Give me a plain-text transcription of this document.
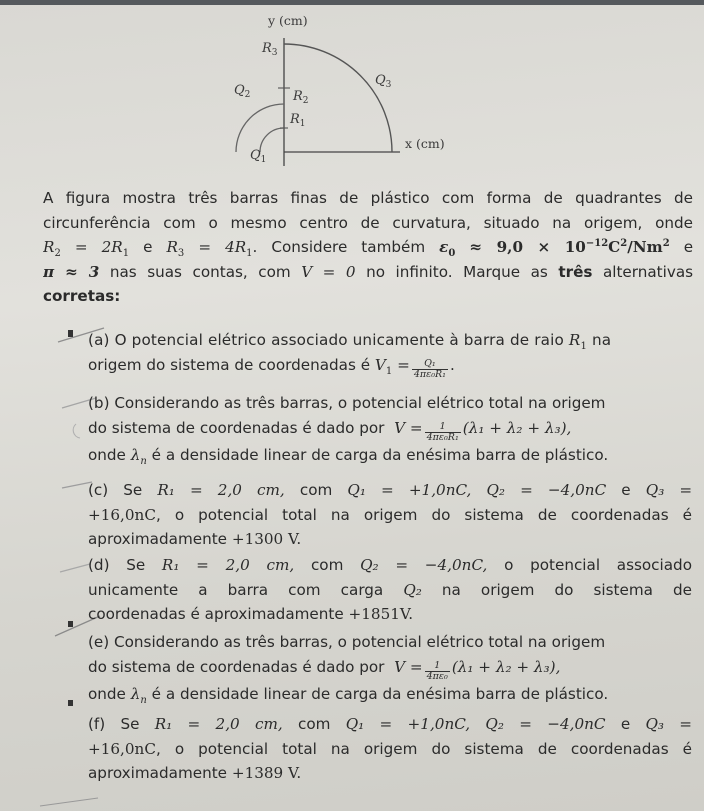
y (cm)
x (cm)
$R_3$
$R_2$
$R_1$
$Q_2$
$Q_3$
$Q_1$
A figura mostra três barras finas de plástico com forma de quadrantes de
circunferência com o mesmo centro de curvatura, situado na origem, onde
$R_2 = 2R_1$ e $R_3 = 4R_1$. Considere também $\varepsilon_0 \approx 9,0 \times 10^{-12}C^2/Nm^2$ e
π ≈ 3 nas suas contas, com V = 0 no infinito. Marque as três alternativas
corretas:
(a) O potencial elétrico associado unicamente à barra de raio $R_1$ na
origem do sistema de coordenadas é $V_1 = \frac{\text{Q₁}}{\text{4πε₀R₁}}$ .
(b) Considerando as três barras, o potencial elétrico total na origem
do sistema de coordenadas é dado por $V = \frac{1}{\text{4πε₀R₁}} (\lambda_1 + \lambda_2 + \lambda_3)$,
onde $\lambda_n$ é a densidade linear de carga da enésima barra de plástico.
(c) Se R₁ = 2,0 cm, com Q₁ = +1,0nC, Q₂ = −4,0nC e Q₃ =
+16,0nC, o potencial total na origem do sistema de coordenadas é
aproximadamente +1300 V.
(d) Se R₁ = 2,0 cm, com Q₂ = −4,0nC, o potencial associado
unicamente a barra com carga Q₂ na origem do sistema de
coordenadas é aproximadamente +1851V.
(e) Considerando as três barras, o potencial elétrico total na origem
do sistema de coordenadas é dado por $V = \frac{1}{\text{4πε₀}} (\lambda_1 + \lambda_2 + \lambda_3)$,
onde $\lambda_n$ é a densidade linear de carga da enésima barra de plástico.
(f) Se R₁ = 2,0 cm, com Q₁ = +1,0nC, Q₂ = −4,0nC e Q₃ =
+16,0nC, o potencial total na origem do sistema de coordenadas é
aproximadamente +1389 V.
